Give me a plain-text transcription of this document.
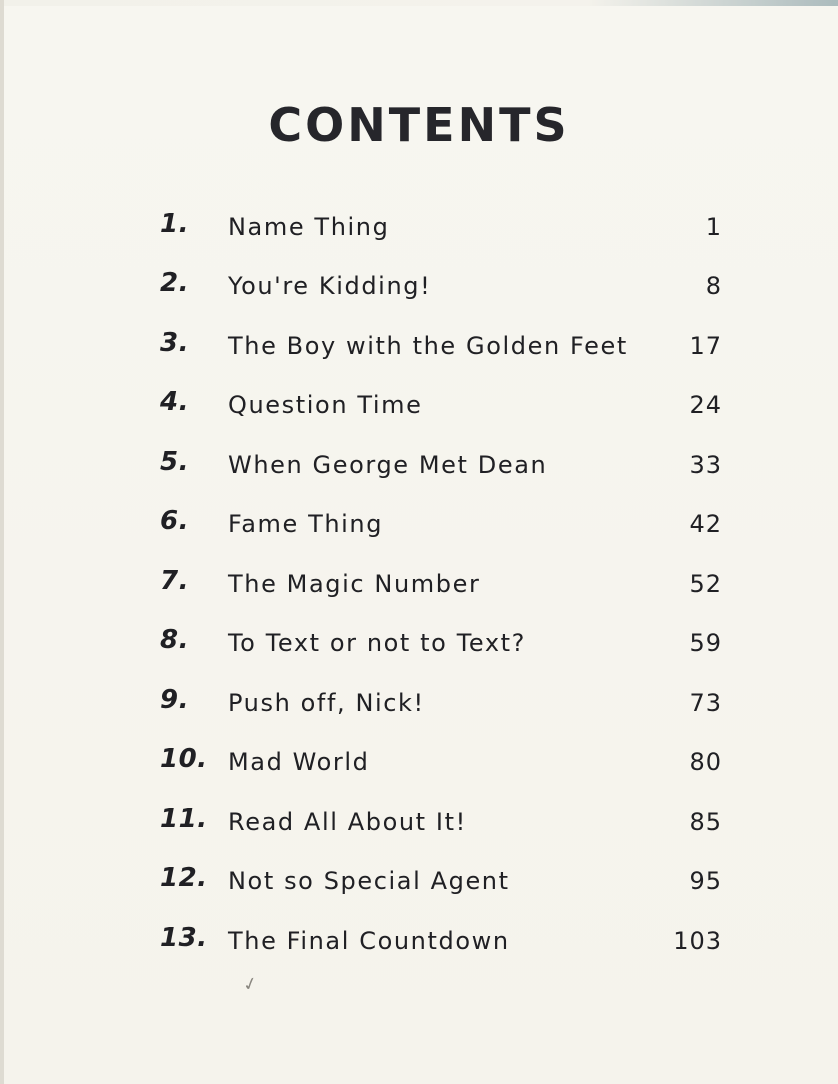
CONTENTS
1. Name Thing	1
2. You're Kidding!	8
3. The Boy with the Golden Feet	17
4. Question Time	24
5. When George Met Dean	33
6. Fame Thing	42
7. The Magic Number	52
8. To Text or not to Text?	59
9. Push off, Nick!	73
10. Mad World	80
11. Read All About It!	85
12. Not so Special Agent	95
13. The Final Countdown	103
✓
